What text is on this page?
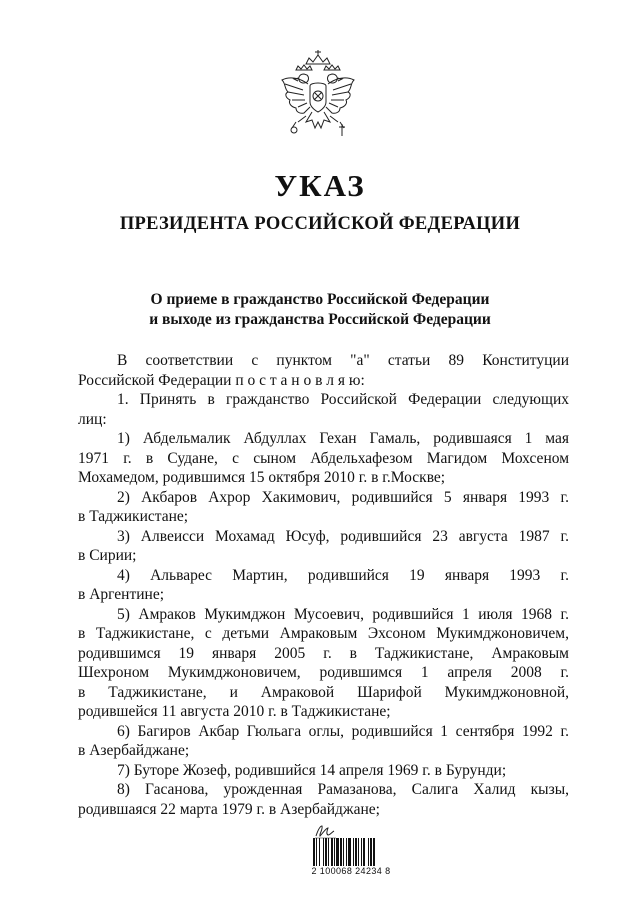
УКАЗ
ПРЕЗИДЕНТА РОССИЙСКОЙ ФЕДЕРАЦИИ
О приеме в гражданство Российской Федерации
и выходе из гражданства Российской Федерации
В соответствии с пунктом "а" статьи 89 Конституции
Российской Федерации п о с т а н о в л я ю:
1. Принять в гражданство Российской Федерации следующих
лиц:
1) Абдельмалик Абдуллах Гехан Гамаль, родившаяся 1 мая
1971 г. в Судане, с сыном Абдельхафезом Магидом Мохсеном
Мохамедом, родившимся 15 октября 2010 г. в г.Москве;
2) Акбаров Ахрор Хакимович, родившийся 5 января 1993 г.
в Таджикистане;
3) Алвеисси Мохамад Юсуф, родившийся 23 августа 1987 г.
в Сирии;
4) Альварес Мартин, родившийся 19 января 1993 г.
в Аргентине;
5) Амраков Мукимджон Мусоевич, родившийся 1 июля 1968 г.
в Таджикистане, с детьми Амраковым Эхсоном Мукимджоновичем,
родившимся 19 января 2005 г. в Таджикистане, Амраковым
Шехроном Мукимджоновичем, родившимся 1 апреля 2008 г.
в Таджикистане, и Амраковой Шарифой Мукимджоновной,
родившейся 11 августа 2010 г. в Таджикистане;
6) Багиров Акбар Гюльага оглы, родившийся 1 сентября 1992 г.
в Азербайджане;
7) Буторе Жозеф, родившийся 14 апреля 1969 г. в Бурунди;
8) Гасанова, урожденная Рамазанова, Салига Халид кызы,
родившаяся 22 марта 1979 г. в Азербайджане;
2 100068 24234 8
